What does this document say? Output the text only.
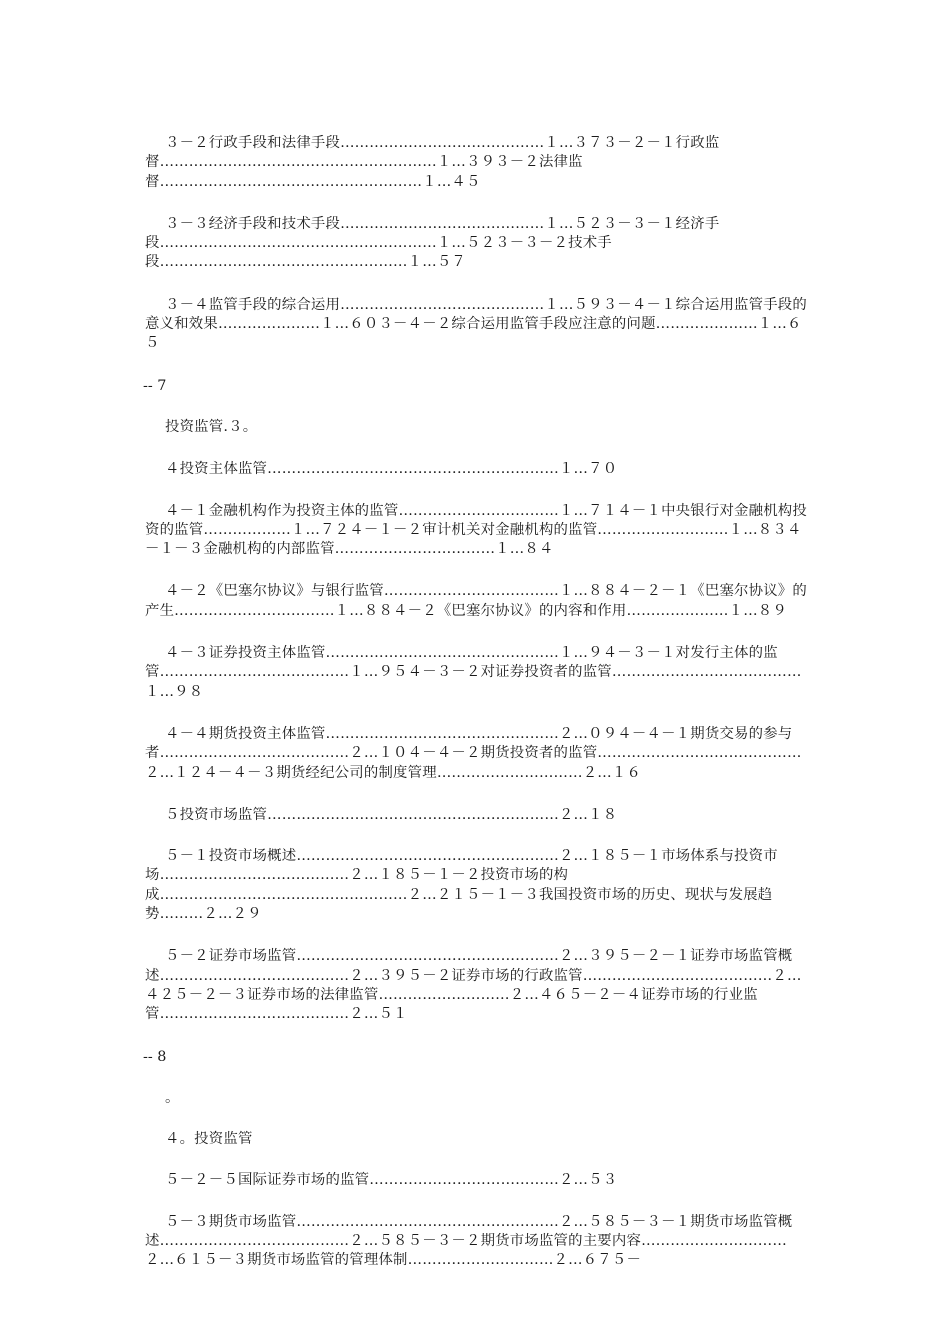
３－２行政手段和法律手段……………………………………１…３７３－２－１行政监督…………………………………………………１…３９３－２法律监督………………………………………………１…４５

３－３经济手段和技术手段……………………………………１…５２３－３－１经济手段…………………………………………………１…５２３－３－２技术手段……………………………………………１…５７

３－４监管手段的综合运用……………………………………１…５９３－４－１综合运用监管手段的意义和效果…………………１…６０３－４－２综合运用监管手段应注意的问题…………………１…６５

-- 7

投资监管.３。

４投资主体监管……………………………………………………１…７０

４－１金融机构作为投资主体的监管……………………………１…７１４－１中央银行对金融机构投资的监管………………１…７２４－１－２审计机关对金融机构的监管………………………１…８３４－１－３金融机构的内部监管……………………………１…８４

４－２《巴塞尔协议》与银行监管………………………………１…８８４－２－１《巴塞尔协议》的产生……………………………１…８８４－２《巴塞尔协议》的内容和作用…………………１…８９

４－３证券投资主体监管…………………………………………１…９４－３－１对发行主体的监管…………………………………１…９５４－３－２对证券投资者的监管…………………………………１…９８

４－４期货投资主体监管…………………………………………２…０９４－４－１期货交易的参与者…………………………………２…１０４－４－２期货投资者的监管……………………………………２…１２４－４－３期货经纪公司的制度管理…………………………２…１６

５投资市场监管……………………………………………………２…１８

５－１投资市场概述………………………………………………２…１８５－１市场体系与投资市场…………………………………２…１８５－１－２投资市场的构成……………………………………………２…２１５－１－３我国投资市场的历史、现状与发展趋势………２…２９

５－２证券市场监管………………………………………………２…３９５－２－１证券市场监管概述…………………………………２…３９５－２证券市场的行政监管…………………………………２…４２５－２－３证券市场的法律监管………………………２…４６５－２－４证券市场的行业监管…………………………………２…５１

-- 8

。

４。投资监管

５－２－５国际证券市场的监管…………………………………２…５３

５－３期货市场监管………………………………………………２…５８５－３－１期货市场监管概述…………………………………２…５８５－３－２期货市场监管的主要内容…………………………２…６１５－３期货市场监管的管理体制…………………………２…６７５－
